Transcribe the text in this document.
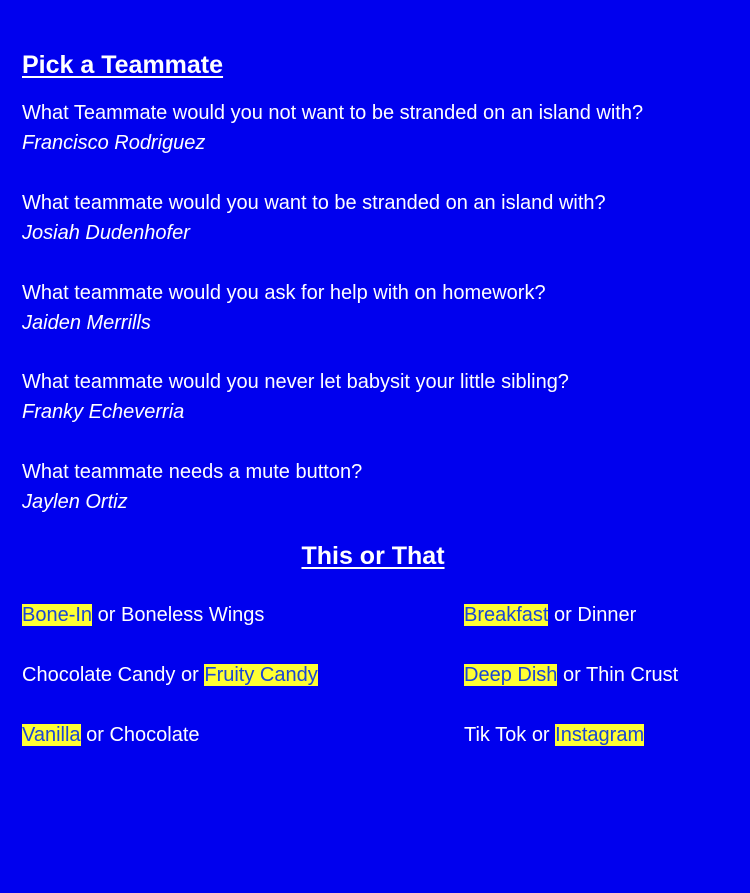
Pick a Teammate
What Teammate would you not want to be stranded on an island with?
Francisco Rodriguez
What teammate would you want to be stranded on an island with?
Josiah Dudenhofer
What teammate would you ask for help with on homework?
Jaiden Merrills
What teammate would you never let babysit your little sibling?
Franky Echeverria
What teammate needs a mute button?
Jaylen Ortiz
This or That
Bone-In or Boneless Wings	Breakfast or Dinner
Chocolate Candy or Fruity Candy	Deep Dish or Thin Crust
Vanilla or Chocolate	Tik Tok or Instagram
